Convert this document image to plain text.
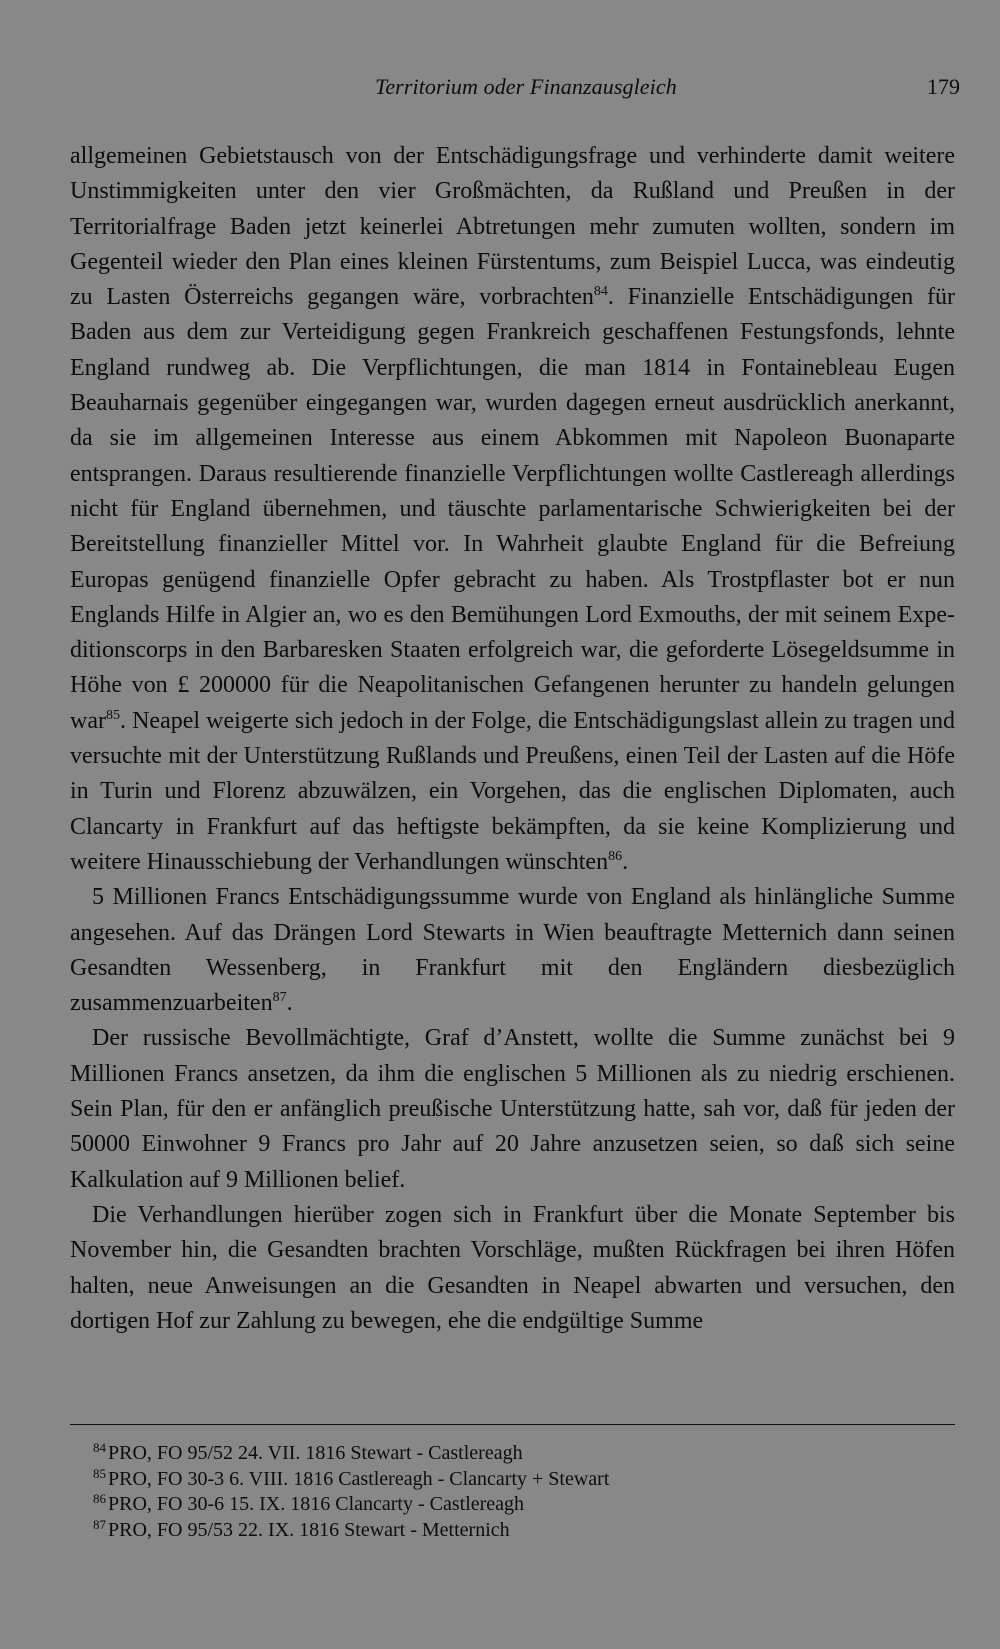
Territorium oder Finanzausgleich	179

allgemeinen Gebietstausch von der Entschädigungsfrage und verhinderte damit weitere Unstimmigkeiten unter den vier Großmächten, da Rußland und Preußen in der Territorialfrage Baden jetzt keinerlei Abtretungen mehr zumuten wollten, sondern im Gegenteil wieder den Plan eines kleinen Fürstentums, zum Beispiel Lucca, was eindeutig zu Lasten Österreichs gegangen wäre, vorbrachten$^{84}$. Finanzielle Entschädigungen für Baden aus dem zur Verteidigung gegen Frankreich geschaffenen Festungsfonds, lehnte England rundweg ab. Die Verpflichtungen, die man 1814 in Fontainebleau Eugen Beauharnais gegenüber eingegangen war, wurden dagegen erneut ausdrücklich anerkannt, da sie im allgemeinen Interesse aus einem Abkommen mit Napoleon Buonaparte entsprangen. Daraus resultierende finanzielle Verpflichtungen wollte Castlereagh allerdings nicht für England übernehmen, und täuschte parlamentarische Schwierigkeiten bei der Bereitstellung finanzieller Mittel vor. In Wahrheit glaubte England für die Befreiung Europas genügend finanzielle Opfer gebracht zu haben. Als Trostpflaster bot er nun Englands Hilfe in Algier an, wo es den Bemühungen Lord Exmouths, der mit seinem Expeditionscorps in den Barbaresken Staaten erfolgreich war, die geforderte Lösegeldsumme in Höhe von £ 200000 für die Neapolitanischen Gefangenen herunter zu handeln gelungen war$^{85}$. Neapel weigerte sich jedoch in der Folge, die Entschädigungslast allein zu tragen und versuchte mit der Unterstützung Rußlands und Preußens, einen Teil der Lasten auf die Höfe in Turin und Florenz abzuwälzen, ein Vorgehen, das die englischen Diplomaten, auch Clancarty in Frankfurt auf das heftigste bekämpften, da sie keine Komplizierung und weitere Hinausschiebung der Verhandlungen wünschten$^{86}$.

5 Millionen Francs Entschädigungssumme wurde von England als hinlängliche Summe angesehen. Auf das Drängen Lord Stewarts in Wien beauftragte Metternich dann seinen Gesandten Wessenberg, in Frankfurt mit den Engländern diesbezüglich zusammenzuarbeiten$^{87}$.

Der russische Bevollmächtigte, Graf d’Anstett, wollte die Summe zunächst bei 9 Millionen Francs ansetzen, da ihm die englischen 5 Millionen als zu niedrig erschienen. Sein Plan, für den er anfänglich preußische Unterstützung hatte, sah vor, daß für jeden der 50000 Einwohner 9 Francs pro Jahr auf 20 Jahre anzusetzen seien, so daß sich seine Kalkulation auf 9 Millionen belief.

Die Verhandlungen hierüber zogen sich in Frankfurt über die Monate September bis November hin, die Gesandten brachten Vorschläge, mußten Rückfragen bei ihren Höfen halten, neue Anweisungen an die Gesandten in Neapel abwarten und versuchen, den dortigen Hof zur Zahlung zu bewegen, ehe die endgültige Summe

$^{84}$ PRO, FO 95/52 24. VII. 1816 Stewart - Castlereagh
$^{85}$ PRO, FO 30-3 6. VIII. 1816 Castlereagh - Clancarty + Stewart
$^{86}$ PRO, FO 30-6 15. IX. 1816 Clancarty - Castlereagh
$^{87}$ PRO, FO 95/53 22. IX. 1816 Stewart - Metternich
